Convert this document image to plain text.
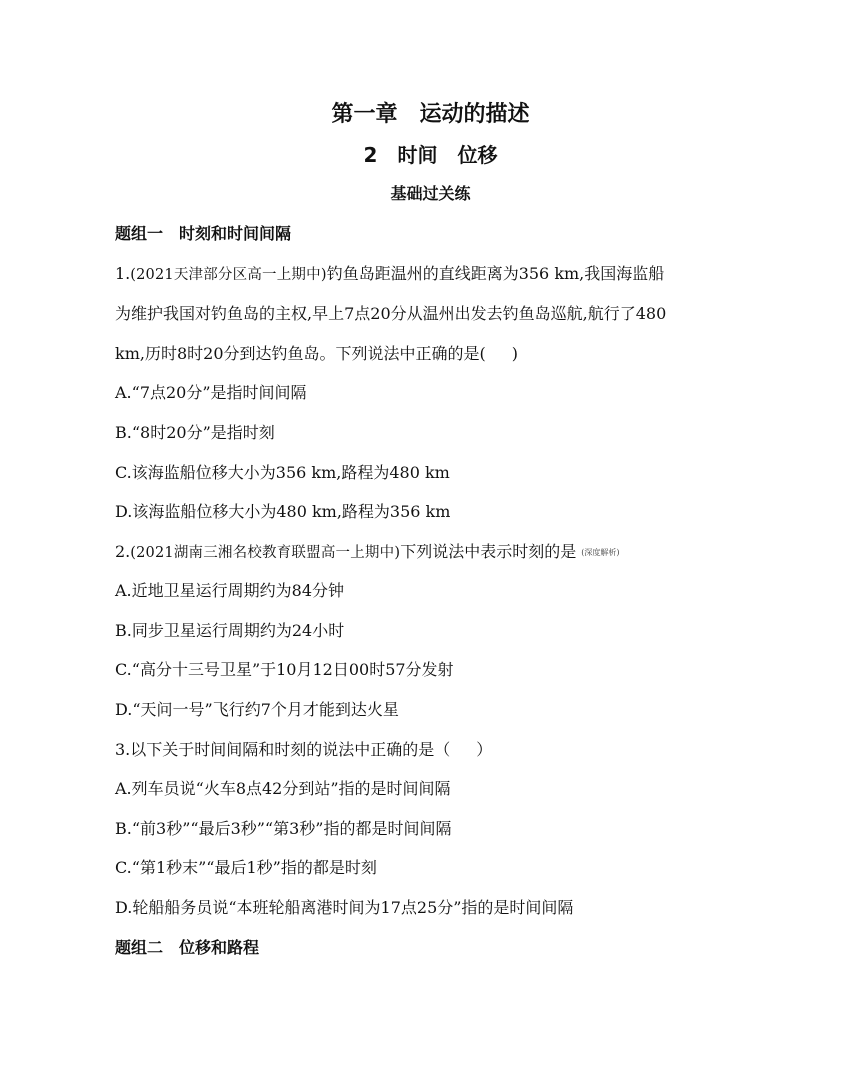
第一章　运动的描述
2　时间　位移
基础过关练
题组一　时刻和时间间隔
1.(2021天津部分区高一上期中)钓鱼岛距温州的直线距离为356 km,我国海监船
为维护我国对钓鱼岛的主权,早上7点20分从温州出发去钓鱼岛巡航,航行了480
km,历时8时20分到达钓鱼岛。下列说法中正确的是( )
A.“7点20分”是指时间间隔
B.“8时20分”是指时刻
C.该海监船位移大小为356 km,路程为480 km
D.该海监船位移大小为480 km,路程为356 km
2.(2021湖南三湘名校教育联盟高一上期中)下列说法中表示时刻的是 (深度解析)
A.近地卫星运行周期约为84分钟
B.同步卫星运行周期约为24小时
C.“高分十三号卫星”于10月12日00时57分发射
D.“天问一号”飞行约7个月才能到达火星
3.以下关于时间间隔和时刻的说法中正确的是（ ）
A.列车员说“火车8点42分到站”指的是时间间隔
B.“前3秒”“最后3秒”“第3秒”指的都是时间间隔
C.“第1秒末”“最后1秒”指的都是时刻
D.轮船船务员说“本班轮船离港时间为17点25分”指的是时间间隔
题组二　位移和路程
